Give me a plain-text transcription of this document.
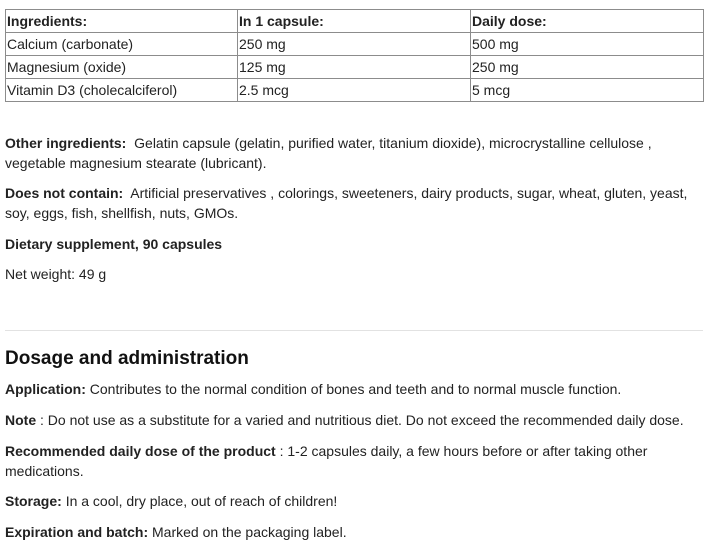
Ingredients:	In 1 capsule:	Daily dose:
Calcium (carbonate)	250 mg	500 mg
Magnesium (oxide)	125 mg	250 mg
Vitamin D3 (cholecalciferol)	2.5 mcg	5 mcg

Other ingredients: Gelatin capsule (gelatin, purified water, titanium dioxide), microcrystalline cellulose , vegetable magnesium stearate (lubricant).

Does not contain: Artificial preservatives , colorings, sweeteners, dairy products, sugar, wheat, gluten, yeast, soy, eggs, fish, shellfish, nuts, GMOs.

Dietary supplement, 90 capsules

Net weight: 49 g

Dosage and administration

Application: Contributes to the normal condition of bones and teeth and to normal muscle function.

Note : Do not use as a substitute for a varied and nutritious diet. Do not exceed the recommended daily dose.

Recommended daily dose of the product : 1-2 capsules daily, a few hours before or after taking other medications.

Storage: In a cool, dry place, out of reach of children!

Expiration and batch: Marked on the packaging label.
